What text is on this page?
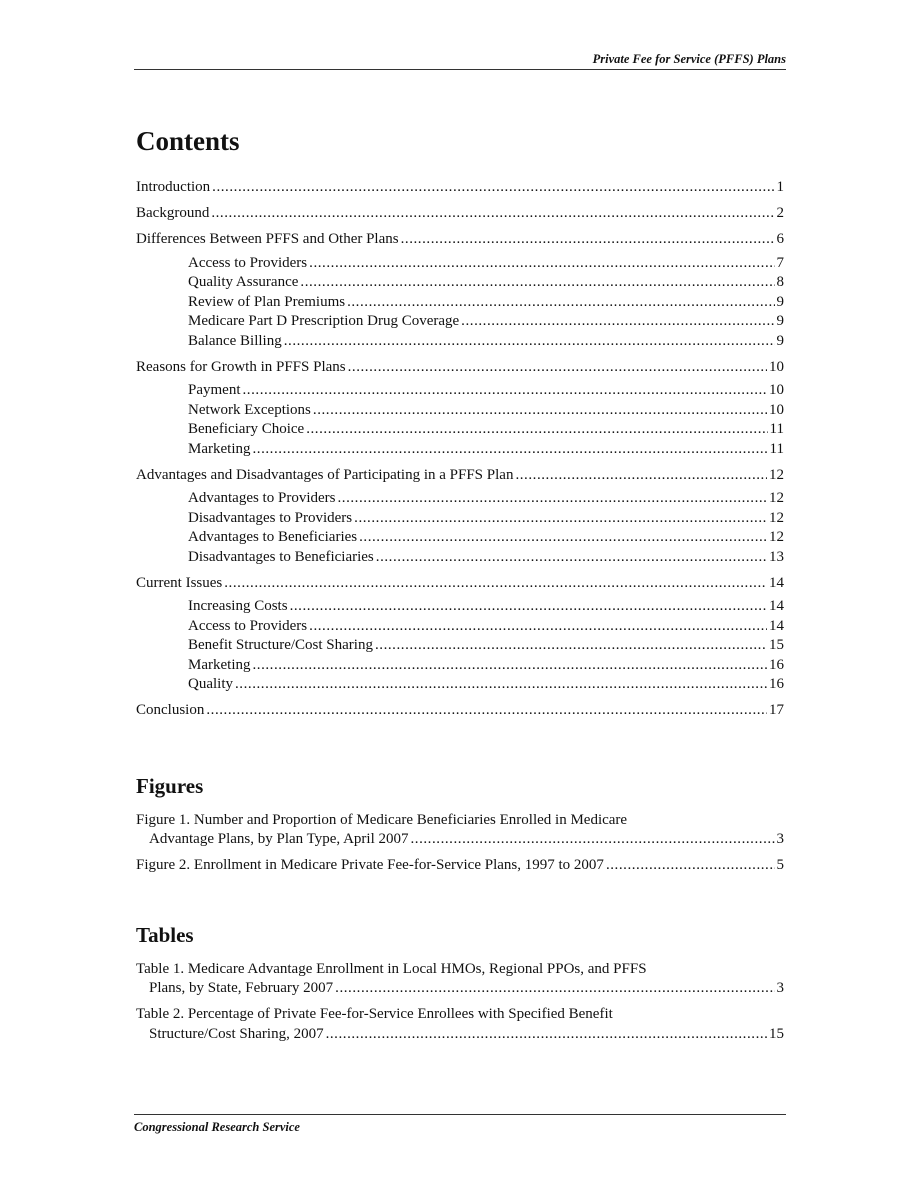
Private Fee for Service (PFFS) Plans
Contents
Introduction . . .	1
Background . . .	2
Differences Between PFFS and Other Plans . . .	6
Access to Providers . . .	7
Quality Assurance . . .	8
Review of Plan Premiums . . .	9
Medicare Part D Prescription Drug Coverage . . .	9
Balance Billing . . .	9
Reasons for Growth in PFFS Plans . . .	10
Payment . . .	10
Network Exceptions . . .	10
Beneficiary Choice . . .	11
Marketing . . .	11
Advantages and Disadvantages of Participating in a PFFS Plan . . .	12
Advantages to Providers . . .	12
Disadvantages to Providers . . .	12
Advantages to Beneficiaries . . .	12
Disadvantages to Beneficiaries . . .	13
Current Issues . . .	14
Increasing Costs . . .	14
Access to Providers . . .	14
Benefit Structure/Cost Sharing . . .	15
Marketing . . .	16
Quality . . .	16
Conclusion . . .	17
Figures
Figure 1. Number and Proportion of Medicare Beneficiaries Enrolled in Medicare
Advantage Plans, by Plan Type, April 2007 . . .	3
Figure 2. Enrollment in Medicare Private Fee-for-Service Plans, 1997 to 2007 . . .	5
Tables
Table 1. Medicare Advantage Enrollment in Local HMOs, Regional PPOs, and PFFS
Plans, by State, February 2007 . . .	3
Table 2. Percentage of Private Fee-for-Service Enrollees with Specified Benefit
Structure/Cost Sharing, 2007 . . .	15
Congressional Research Service
